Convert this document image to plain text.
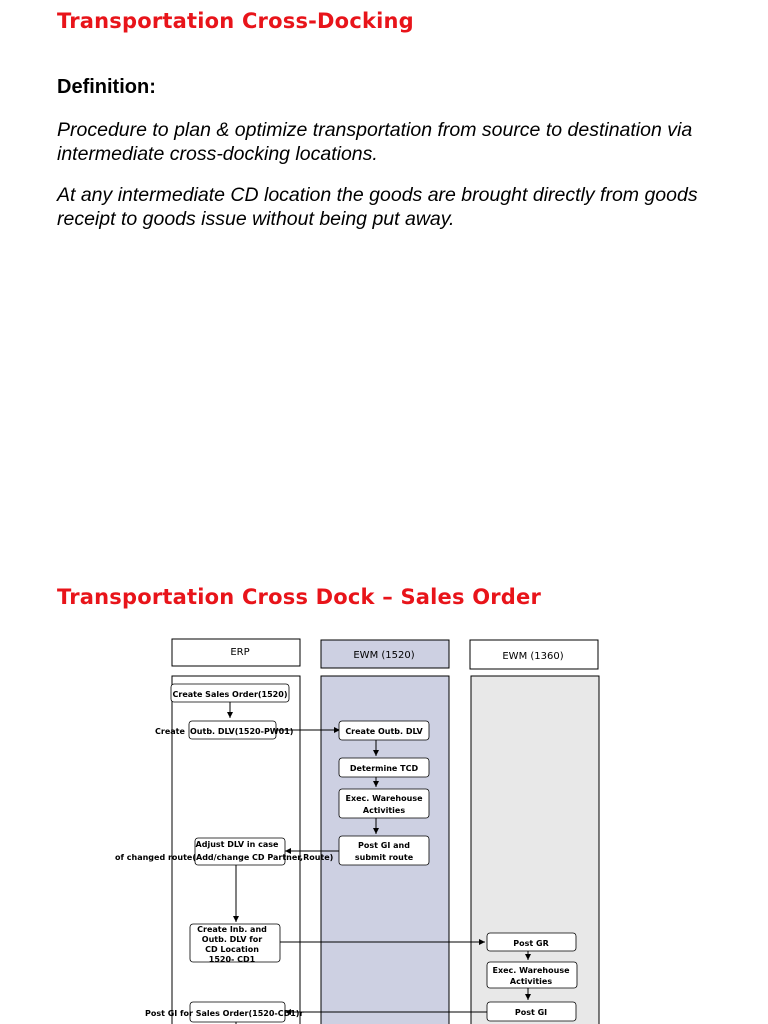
Transportation Cross-Docking
Definition:
Procedure to plan & optimize transportation from source to destination via intermediate cross-docking locations.
At any intermediate CD location the goods are brought directly from goods receipt to goods issue without being put away.
Transportation Cross Dock – Sales Order
ERP	EWM (1520)	EWM (1360)
Create Sales Order(1520)
Create Outb. DLV(1520-PW01)
Adjust DLV in case
of changed route(Add/change CD Partner,Route)
Create Inb. and
Outb. DLV for
CD Location
1520- CD1
Post GI for Sales Order(1520-CD1)r
Create Outb. DLV
Determine TCD
Exec. Warehouse
Activities
Post GI and
submit route
Post GR
Exec. Warehouse
Activities
Post GI
